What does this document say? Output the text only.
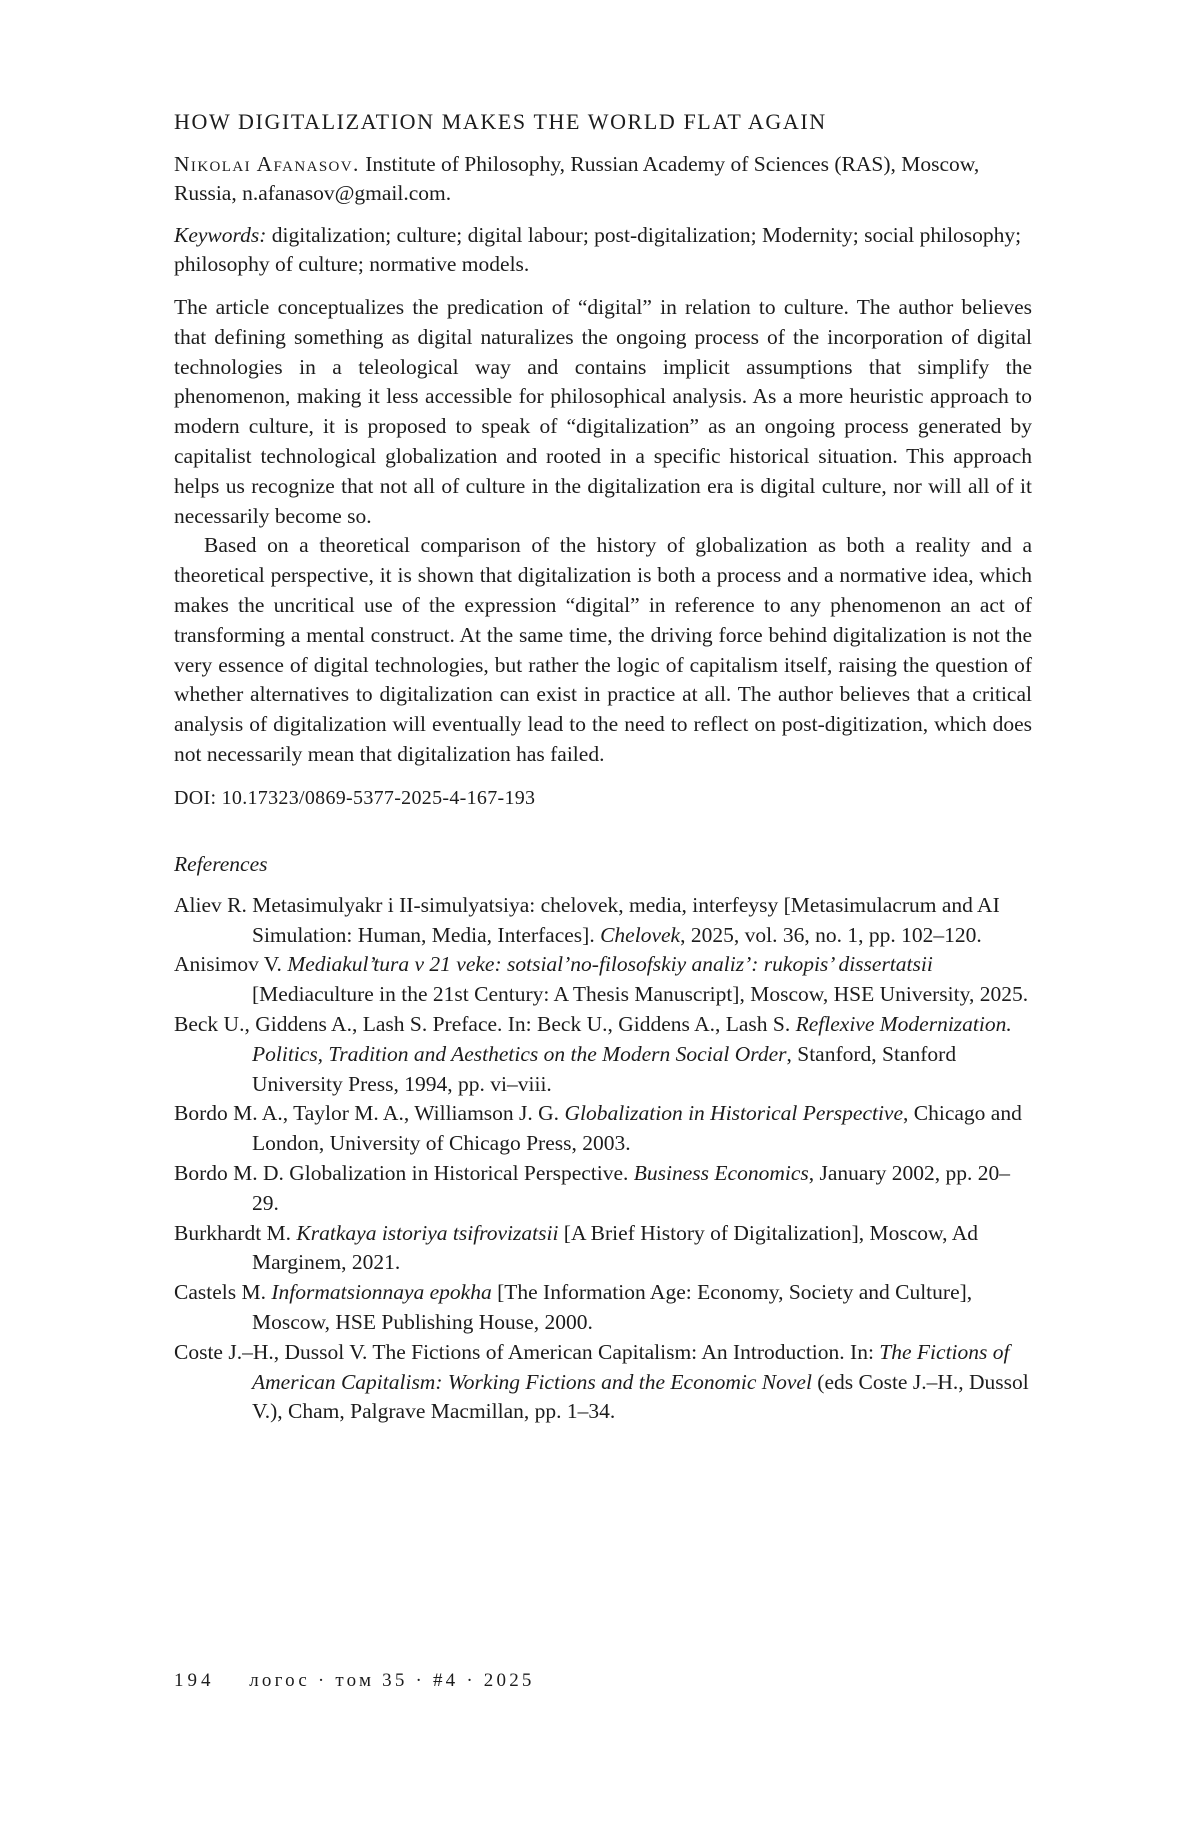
HOW DIGITALIZATION MAKES THE WORLD FLAT AGAIN

Nikolai Afanasov. Institute of Philosophy, Russian Academy of Sciences (RAS), Moscow, Russia, n.afanasov@gmail.com.

Keywords: digitalization; culture; digital labour; post-digitalization; Modernity; social philosophy; philosophy of culture; normative models.

The article conceptualizes the predication of “digital” in relation to culture. The author believes that defining something as digital naturalizes the ongoing process of the incorporation of digital technologies in a teleological way and contains implicit assumptions that simplify the phenomenon, making it less accessible for philosophical analysis. As a more heuristic approach to modern culture, it is proposed to speak of “digitalization” as an ongoing process generated by capitalist technological globalization and rooted in a specific historical situation. This approach helps us recognize that not all of culture in the digitalization era is digital culture, nor will all of it necessarily become so.

Based on a theoretical comparison of the history of globalization as both a reality and a theoretical perspective, it is shown that digitalization is both a process and a normative idea, which makes the uncritical use of the expression “digital” in reference to any phenomenon an act of transforming a mental construct. At the same time, the driving force behind digitalization is not the very essence of digital technologies, but rather the logic of capitalism itself, raising the question of whether alternatives to digitalization can exist in practice at all. The author believes that a critical analysis of digitalization will eventually lead to the need to reflect on post-digitization, which does not necessarily mean that digitalization has failed.

DOI: 10.17323/0869-5377-2025-4-167-193

References
Aliev R. Metasimulyakr i II-simulyatsiya: chelovek, media, interfeysy [Metasimulacrum and AI Simulation: Human, Media, Interfaces]. Chelovek, 2025, vol. 36, no. 1, pp. 102–120.
Anisimov V. Mediakul’tura v 21 veke: sotsial’no-filosofskiy analiz’: rukopis’ dissertatsii [Mediaculture in the 21st Century: A Thesis Manuscript], Moscow, HSE University, 2025.
Beck U., Giddens A., Lash S. Preface. In: Beck U., Giddens A., Lash S. Reflexive Modernization. Politics, Tradition and Aesthetics on the Modern Social Order, Stanford, Stanford University Press, 1994, pp. vi–viii.
Bordo M. A., Taylor M. A., Williamson J. G. Globalization in Historical Perspective, Chicago and London, University of Chicago Press, 2003.
Bordo M. D. Globalization in Historical Perspective. Business Economics, January 2002, pp. 20–29.
Burkhardt M. Kratkaya istoriya tsifrovizatsii [A Brief History of Digitalization], Moscow, Ad Marginem, 2021.
Castels M. Informatsionnaya epokha [The Information Age: Economy, Society and Culture], Moscow, HSE Publishing House, 2000.
Coste J.–H., Dussol V. The Fictions of American Capitalism: An Introduction. In: The Fictions of American Capitalism: Working Fictions and the Economic Novel (eds Coste J.–H., Dussol V.), Cham, Palgrave Macmillan, pp. 1–34.
194 логос · том 35 · #4 · 2025
